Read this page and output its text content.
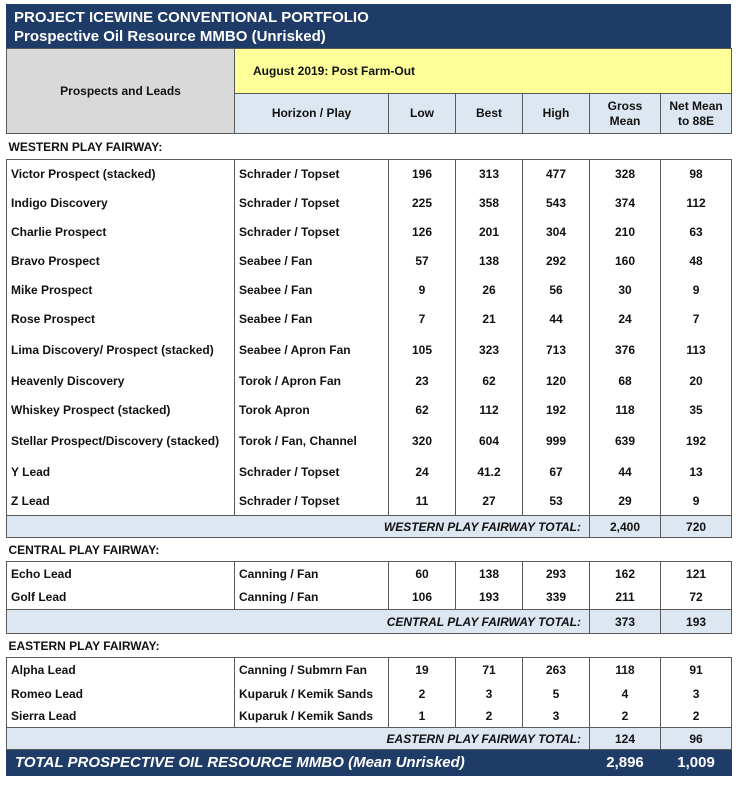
PROJECT ICEWINE CONVENTIONAL PORTFOLIO
Prospective Oil Resource MMBO (Unrisked)
Prospects and Leads	August 2019: Post Farm-Out					
	Horizon / Play	Low	Best	High	Gross Mean	Net Mean to 88E
WESTERN PLAY FAIRWAY:						
Victor Prospect (stacked)	Schrader / Topset	196	313	477	328	98
Indigo Discovery	Schrader / Topset	225	358	543	374	112
Charlie Prospect	Schrader / Topset	126	201	304	210	63
Bravo Prospect	Seabee / Fan	57	138	292	160	48
Mike Prospect	Seabee / Fan	9	26	56	30	9
Rose Prospect	Seabee / Fan	7	21	44	24	7
Lima Discovery/ Prospect (stacked)	Seabee / Apron Fan	105	323	713	376	113
Heavenly Discovery	Torok / Apron Fan	23	62	120	68	20
Whiskey Prospect (stacked)	Torok Apron	62	112	192	118	35
Stellar Prospect/Discovery (stacked)	Torok / Fan, Channel	320	604	999	639	192
Y Lead	Schrader / Topset	24	41.2	67	44	13
Z Lead	Schrader / Topset	11	27	53	29	9
WESTERN PLAY FAIRWAY TOTAL:					2,400	720
CENTRAL PLAY FAIRWAY:						
Echo Lead	Canning / Fan	60	138	293	162	121
Golf Lead	Canning / Fan	106	193	339	211	72
CENTRAL PLAY FAIRWAY TOTAL:					373	193
EASTERN PLAY FAIRWAY:						
Alpha Lead	Canning / Submrn Fan	19	71	263	118	91
Romeo Lead	Kuparuk / Kemik Sands	2	3	5	4	3
Sierra Lead	Kuparuk / Kemik Sands	1	2	3	2	2
EASTERN PLAY FAIRWAY TOTAL:					124	96
TOTAL PROSPECTIVE OIL RESOURCE MMBO (Mean Unrisked)					2,896	1,009
